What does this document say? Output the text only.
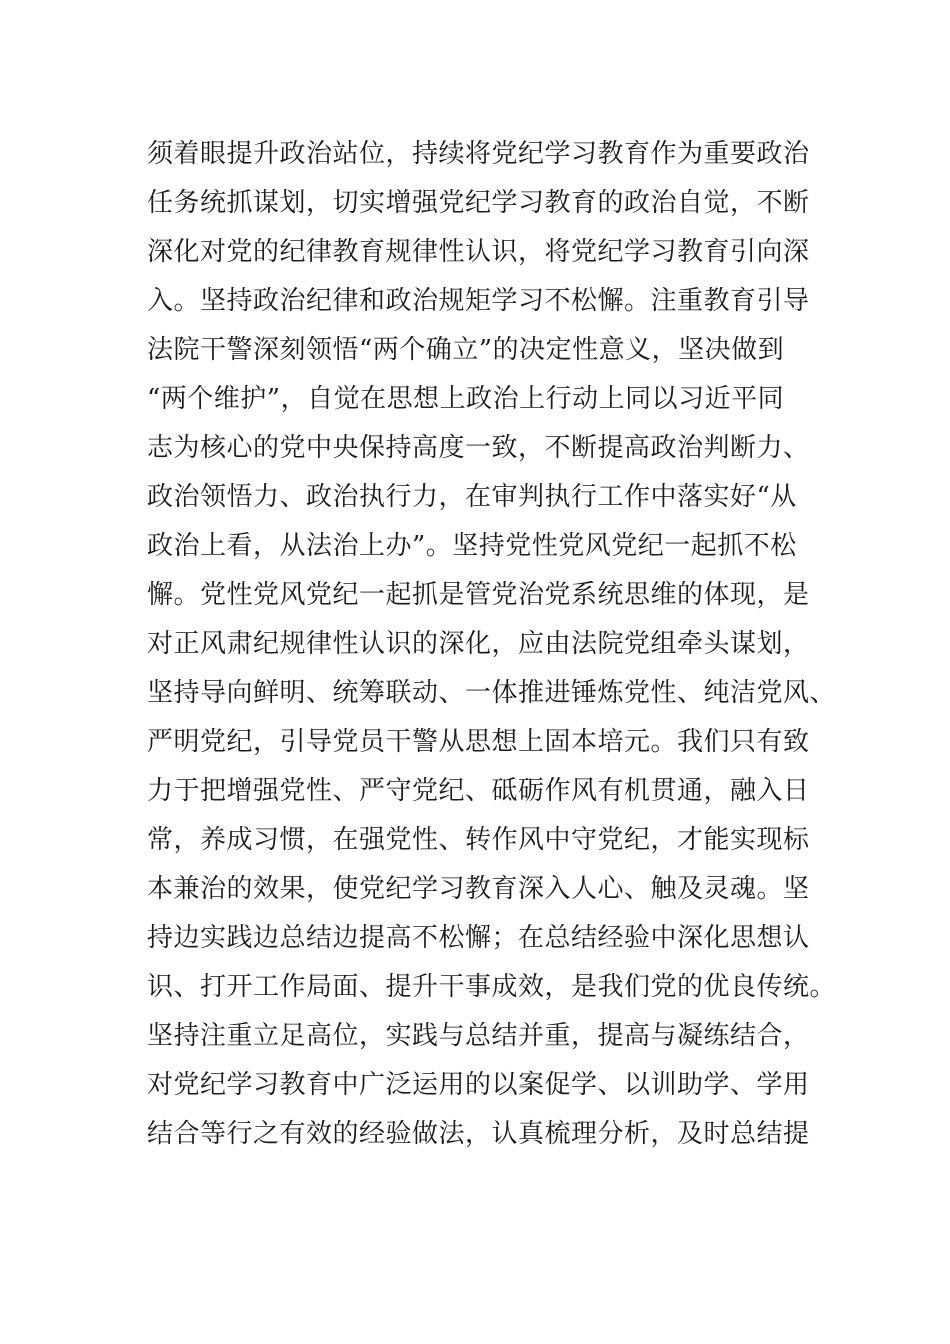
须着眼提升政治站位，持续将党纪学习教育作为重要政治
任务统抓谋划，切实增强党纪学习教育的政治自觉，不断
深化对党的纪律教育规律性认识，将党纪学习教育引向深
入。坚持政治纪律和政治规矩学习不松懈。注重教育引导
法院干警深刻领悟“两个确立”的决定性意义，坚决做到
“两个维护”，自觉在思想上政治上行动上同以习近平同
志为核心的党中央保持高度一致，不断提高政治判断力、
政治领悟力、政治执行力，在审判执行工作中落实好“从
政治上看，从法治上办”。坚持党性党风党纪一起抓不松
懈。党性党风党纪一起抓是管党治党系统思维的体现，是
对正风肃纪规律性认识的深化，应由法院党组牵头谋划，
坚持导向鲜明、统筹联动、一体推进锤炼党性、纯洁党风、
严明党纪，引导党员干警从思想上固本培元。我们只有致
力于把增强党性、严守党纪、砥砺作风有机贯通，融入日
常，养成习惯，在强党性、转作风中守党纪，才能实现标
本兼治的效果，使党纪学习教育深入人心、触及灵魂。坚
持边实践边总结边提高不松懈；在总结经验中深化思想认
识、打开工作局面、提升干事成效，是我们党的优良传统。
坚持注重立足高位，实践与总结并重，提高与凝练结合，
对党纪学习教育中广泛运用的以案促学、以训助学、学用
结合等行之有效的经验做法，认真梳理分析，及时总结提
